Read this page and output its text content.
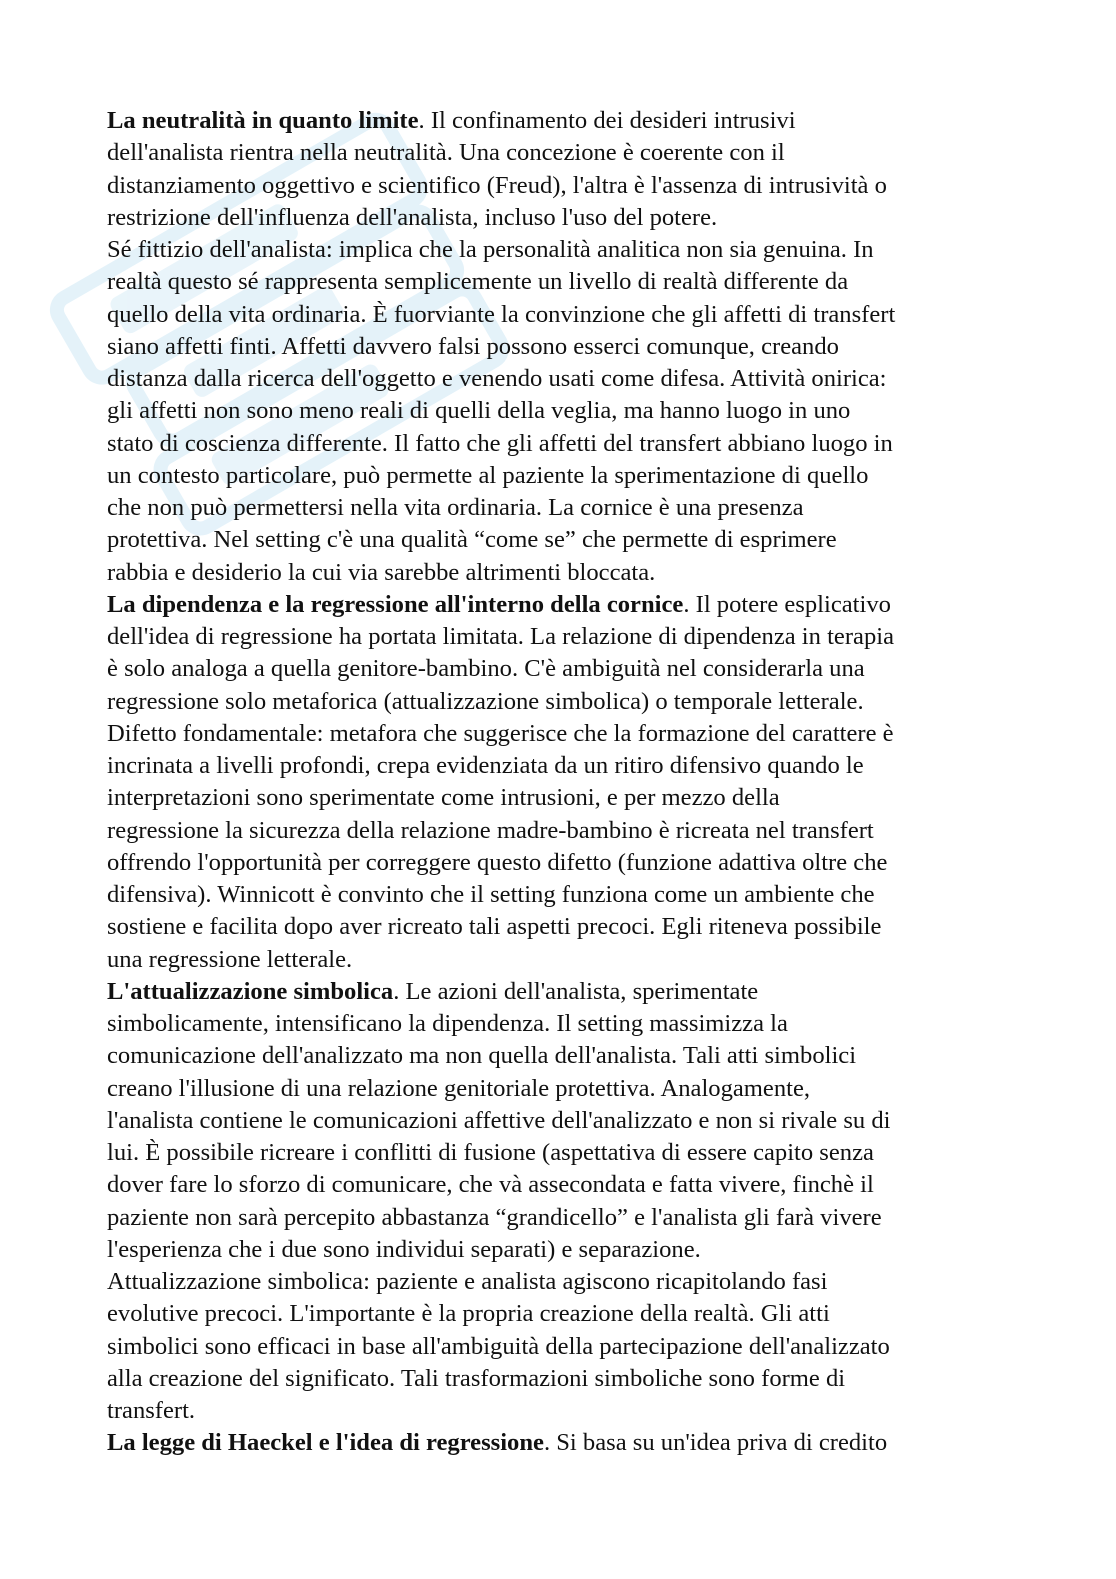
La neutralità in quanto limite. Il confinamento dei desideri intrusivi
dell'analista rientra nella neutralità. Una concezione è coerente con il
distanziamento oggettivo e scientifico (Freud), l'altra è l'assenza di intrusività o
restrizione dell'influenza dell'analista, incluso l'uso del potere.

Sé fittizio dell'analista: implica che la personalità analitica non sia genuina. In
realtà questo sé rappresenta semplicemente un livello di realtà differente da
quello della vita ordinaria. È fuorviante la convinzione che gli affetti di transfert
siano affetti finti. Affetti davvero falsi possono esserci comunque, creando
distanza dalla ricerca dell'oggetto e venendo usati come difesa. Attività onirica:
gli affetti non sono meno reali di quelli della veglia, ma hanno luogo in uno
stato di coscienza differente. Il fatto che gli affetti del transfert abbiano luogo in
un contesto particolare, può permette al paziente la sperimentazione di quello
che non può permettersi nella vita ordinaria. La cornice è una presenza
protettiva. Nel setting c'è una qualità “come se” che permette di esprimere
rabbia e desiderio la cui via sarebbe altrimenti bloccata.

La dipendenza e la regressione all'interno della cornice. Il potere esplicativo
dell'idea di regressione ha portata limitata. La relazione di dipendenza in terapia
è solo analoga a quella genitore-bambino. C'è ambiguità nel considerarla una
regressione solo metaforica (attualizzazione simbolica) o temporale letterale.
Difetto fondamentale: metafora che suggerisce che la formazione del carattere è
incrinata a livelli profondi, crepa evidenziata da un ritiro difensivo quando le
interpretazioni sono sperimentate come intrusioni, e per mezzo della
regressione la sicurezza della relazione madre-bambino è ricreata nel transfert
offrendo l'opportunità per correggere questo difetto (funzione adattiva oltre che
difensiva). Winnicott è convinto che il setting funziona come un ambiente che
sostiene e facilita dopo aver ricreato tali aspetti precoci. Egli riteneva possibile
una regressione letterale.

L'attualizzazione simbolica. Le azioni dell'analista, sperimentate
simbolicamente, intensificano la dipendenza. Il setting massimizza la
comunicazione dell'analizzato ma non quella dell'analista. Tali atti simbolici
creano l'illusione di una relazione genitoriale protettiva. Analogamente,
l'analista contiene le comunicazioni affettive dell'analizzato e non si rivale su di
lui. È possibile ricreare i conflitti di fusione (aspettativa di essere capito senza
dover fare lo sforzo di comunicare, che và assecondata e fatta vivere, finchè il
paziente non sarà percepito abbastanza “grandicello” e l'analista gli farà vivere
l'esperienza che i due sono individui separati) e separazione.

Attualizzazione simbolica: paziente e analista agiscono ricapitolando fasi
evolutive precoci. L'importante è la propria creazione della realtà. Gli atti
simbolici sono efficaci in base all'ambiguità della partecipazione dell'analizzato
alla creazione del significato. Tali trasformazioni simboliche sono forme di
transfert.

La legge di Haeckel e l'idea di regressione. Si basa su un'idea priva di credito
